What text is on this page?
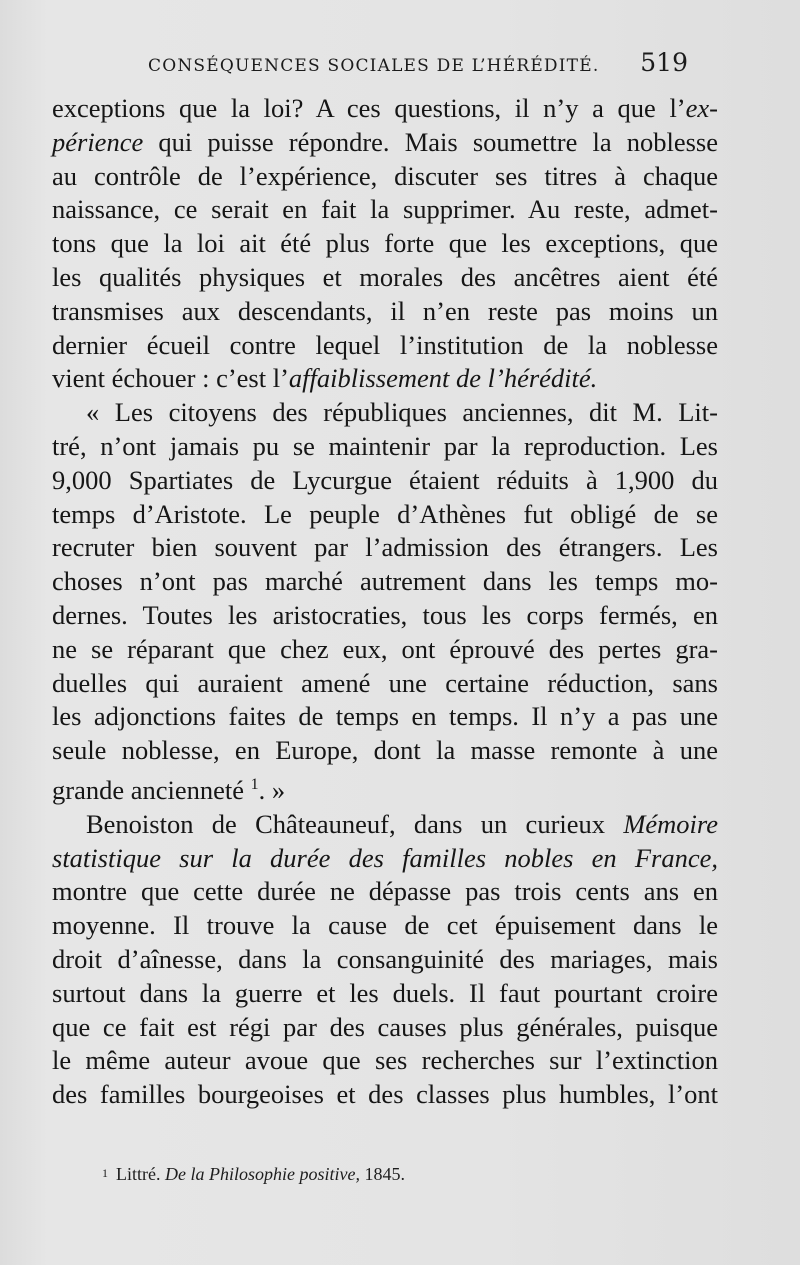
CONSÉQUENCES SOCIALES DE L’HÉRÉDITÉ. 519
exceptions que la loi? A ces questions, il n’y a que l’ex-
périence qui puisse répondre. Mais soumettre la noblesse
au contrôle de l’expérience, discuter ses titres à chaque
naissance, ce serait en fait la supprimer. Au reste, admet-
tons que la loi ait été plus forte que les exceptions, que
les qualités physiques et morales des ancêtres aient été
transmises aux descendants, il n’en reste pas moins un
dernier écueil contre lequel l’institution de la noblesse
vient échouer : c’est l’affaiblissement de l’hérédité.
« Les citoyens des républiques anciennes, dit M. Lit-
tré, n’ont jamais pu se maintenir par la reproduction. Les
9,000 Spartiates de Lycurgue étaient réduits à 1,900 du
temps d’Aristote. Le peuple d’Athènes fut obligé de se
recruter bien souvent par l’admission des étrangers. Les
choses n’ont pas marché autrement dans les temps mo-
dernes. Toutes les aristocraties, tous les corps fermés, en
ne se réparant que chez eux, ont éprouvé des pertes gra-
duelles qui auraient amené une certaine réduction, sans
les adjonctions faites de temps en temps. Il n’y a pas une
seule noblesse, en Europe, dont la masse remonte à une
grande ancienneté $^1$. »
Benoiston de Châteauneuf, dans un curieux Mémoire
statistique sur la durée des familles nobles en France,
montre que cette durée ne dépasse pas trois cents ans en
moyenne. Il trouve la cause de cet épuisement dans le
droit d’aînesse, dans la consanguinité des mariages, mais
surtout dans la guerre et les duels. Il faut pourtant croire
que ce fait est régi par des causes plus générales, puisque
le même auteur avoue que ses recherches sur l’extinction
des familles bourgeoises et des classes plus humbles, l’ont
1 Littré. De la Philosophie positive, 1845.
